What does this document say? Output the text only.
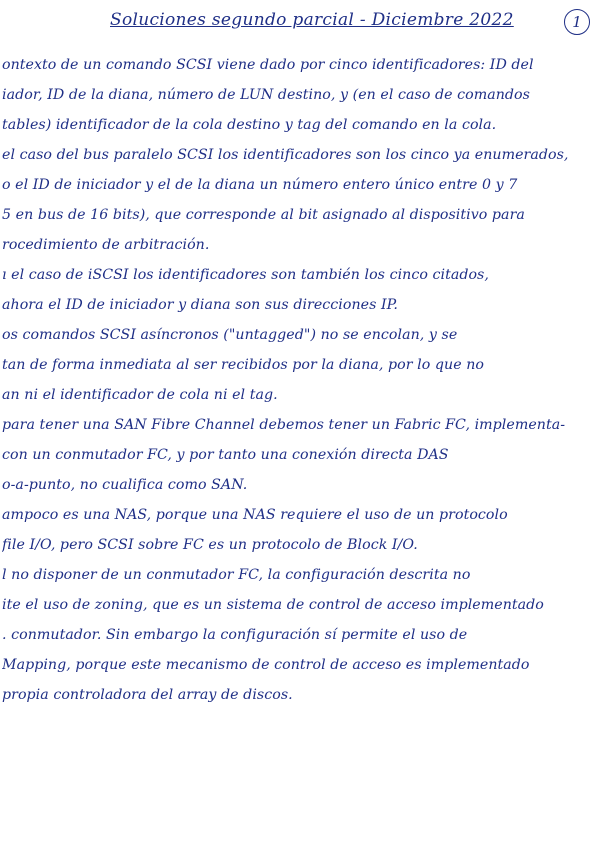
Soluciones segundo parcial - Diciembre 2022	1
ontexto de un comando SCSI viene dado por cinco identificadores: ID del
iador, ID de la diana, número de LUN destino, y (en el caso de comandos
tables) identificador de la cola destino y tag del comando en la cola.
el caso del bus paralelo SCSI los identificadores son los cinco ya enumerados,
o el ID de iniciador y el de la diana un número entero único entre 0 y 7
5 en bus de 16 bits), que corresponde al bit asignado al dispositivo para
rocedimiento de arbitración.
ı el caso de iSCSI los identificadores son también los cinco citados,
ahora el ID de iniciador y diana son sus direcciones IP.
os comandos SCSI asíncronos ("untagged") no se encolan, y se
tan de forma inmediata al ser recibidos por la diana, por lo que no
an ni el identificador de cola ni el tag.
para tener una SAN Fibre Channel debemos tener un Fabric FC, implementa-
con un conmutador FC, y por tanto una conexión directa DAS
o-a-punto, no cualifica como SAN.
ampoco es una NAS, porque una NAS requiere el uso de un protocolo
file I/O, pero SCSI sobre FC es un protocolo de Block I/O.
l no disponer de un conmutador FC, la configuración descrita no
ite el uso de zoning, que es un sistema de control de acceso implementado
. conmutador. Sin embargo la configuración sí permite el uso de
Mapping, porque este mecanismo de control de acceso es implementado
propia controladora del array de discos.
